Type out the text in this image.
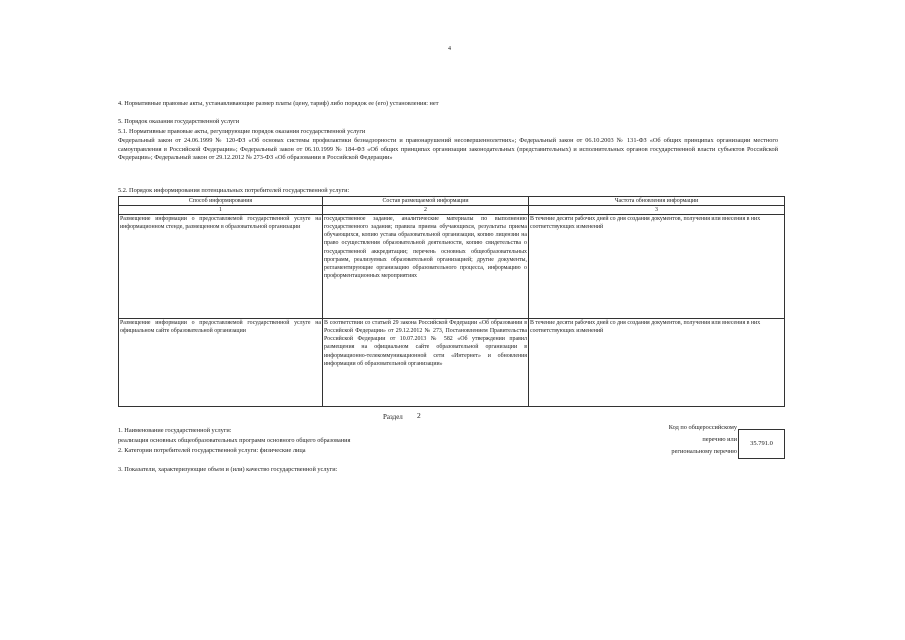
4
4. Нормативные правовые акты, устанавливающие размер платы (цену, тариф) либо порядок ее (его) установления: нет
5. Порядок оказания государственной услуги
5.1. Нормативные правовые акты, регулирующие порядок оказания государственной услуги
Федеральный закон от 24.06.1999 № 120-ФЗ «Об основах системы профилактики безнадзорности и правонарушений несовершеннолетних»; Федеральный закон от 06.10.2003 № 131-ФЗ «Об общих принципах организации местного самоуправления в Российской Федерации»; Федеральный закон от 06.10.1999 № 184-ФЗ «Об общих принципах организации законодательных (представительных) и исполнительных органов государственной власти субъектов Российской Федерации»; Федеральный закон от 29.12.2012 № 273-ФЗ «Об образовании в Российской Федерации»
5.2. Порядок информирования потенциальных потребителей государственной услуги:
Способ информирования	Состав размещаемой информации	Частота обновления информации
1	2	3
Размещение информации о предоставляемой государственной услуге на информационном стенде, размещенном в образовательной организации	государственное задание, аналитические материалы по выполнению государственного задания; правила приема обучающихся, результаты приема обучающихся, копию устава образовательной организации, копию лицензии на право осуществления образовательной деятельности, копию свидетельства о государственной аккредитации; перечень основных общеобразовательных программ, реализуемых образовательной организацией; другие документы, регламентирующие организацию образовательного процесса, информацию о проформентационных мероприятиях	В течение десяти рабочих дней со дня создания документов, получения или внесения в них соответствующих изменений
Размещение информации о предоставляемой государственной услуге на официальном сайте образовательной организации	В соответствии со статьей 29 закона Российской Федерации «Об образовании в Российской Федерации» от 29.12.2012 № 273, Постановлением Правительства Российской Федерации от 10.07.2013 № 582 «Об утверждении правил размещения на официальном сайте образовательной организации в информационно-телекоммуникационной сети «Интернет» и обновления информации об образовательной организации»	В течение десяти рабочих дней со дня создания документов, получения или внесения в них соответствующих изменений
Раздел 2
1. Наименование государственной услуги:
реализация основных общеобразовательных программ основного общего образования
2. Категории потребителей государственной услуги: физические лица
Код по общероссийскому
перечню или
региональному перечню
35.791.0
3. Показатели, характеризующие объем и (или) качество государственной услуги:
